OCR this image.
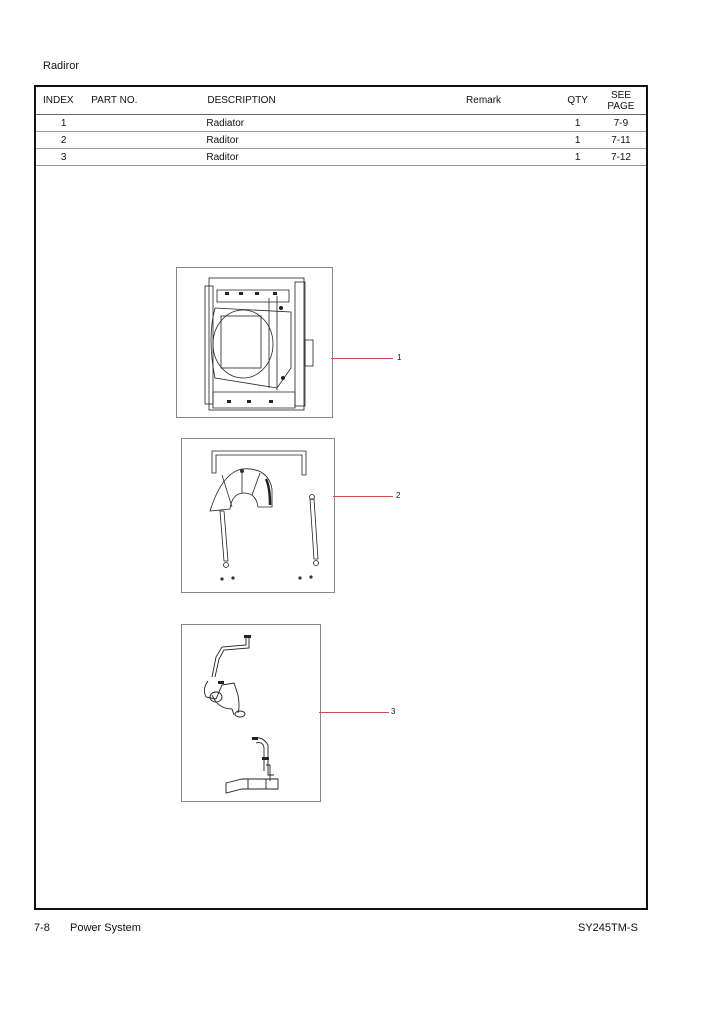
Radiror
INDEX	PART NO.	DESCRIPTION	Remark	QTY	SEE
PAGE
1		Radiator		1	7-9
2		Raditor		1	7-11
3		Raditor		1	7-12
1
2
3
7-8 Power System	SY245TM-S
